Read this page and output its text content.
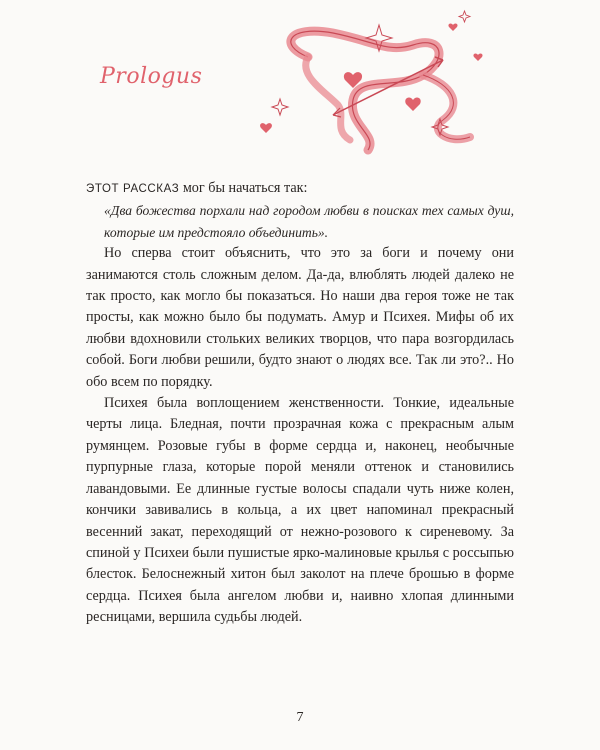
Prologus

ЭТОТ РАССКАЗ мог бы начаться так:

«Два божества порхали над городом любви в поисках тех самых душ, которые им предстояло объединить».

Но сперва стоит объяснить, что это за боги и почему они занимаются столь сложным делом. Да-да, влюблять людей далеко не так просто, как могло бы показаться. Но наши два героя тоже не так просты, как можно было бы подумать. Амур и Психея. Мифы об их любви вдохновили стольких великих творцов, что пара возгордилась собой. Боги любви решили, будто знают о людях все. Так ли это?.. Но обо всем по порядку.

Психея была воплощением женственности. Тонкие, идеальные черты лица. Бледная, почти прозрачная кожа с прекрасным алым румянцем. Розовые губы в форме сердца и, наконец, необычные пурпурные глаза, которые порой меняли оттенок и становились лавандовыми. Ее длинные густые волосы спадали чуть ниже колен, кончики завивались в кольца, а их цвет напоминал прекрасный весенний закат, переходящий от нежно-розового к сиреневому. За спиной у Психеи были пушистые ярко-малиновые крылья с россыпью блесток. Белоснежный хитон был заколот на плече брошью в форме сердца. Психея была ангелом любви и, наивно хлопая длинными ресницами, вершила судьбы людей.

7
